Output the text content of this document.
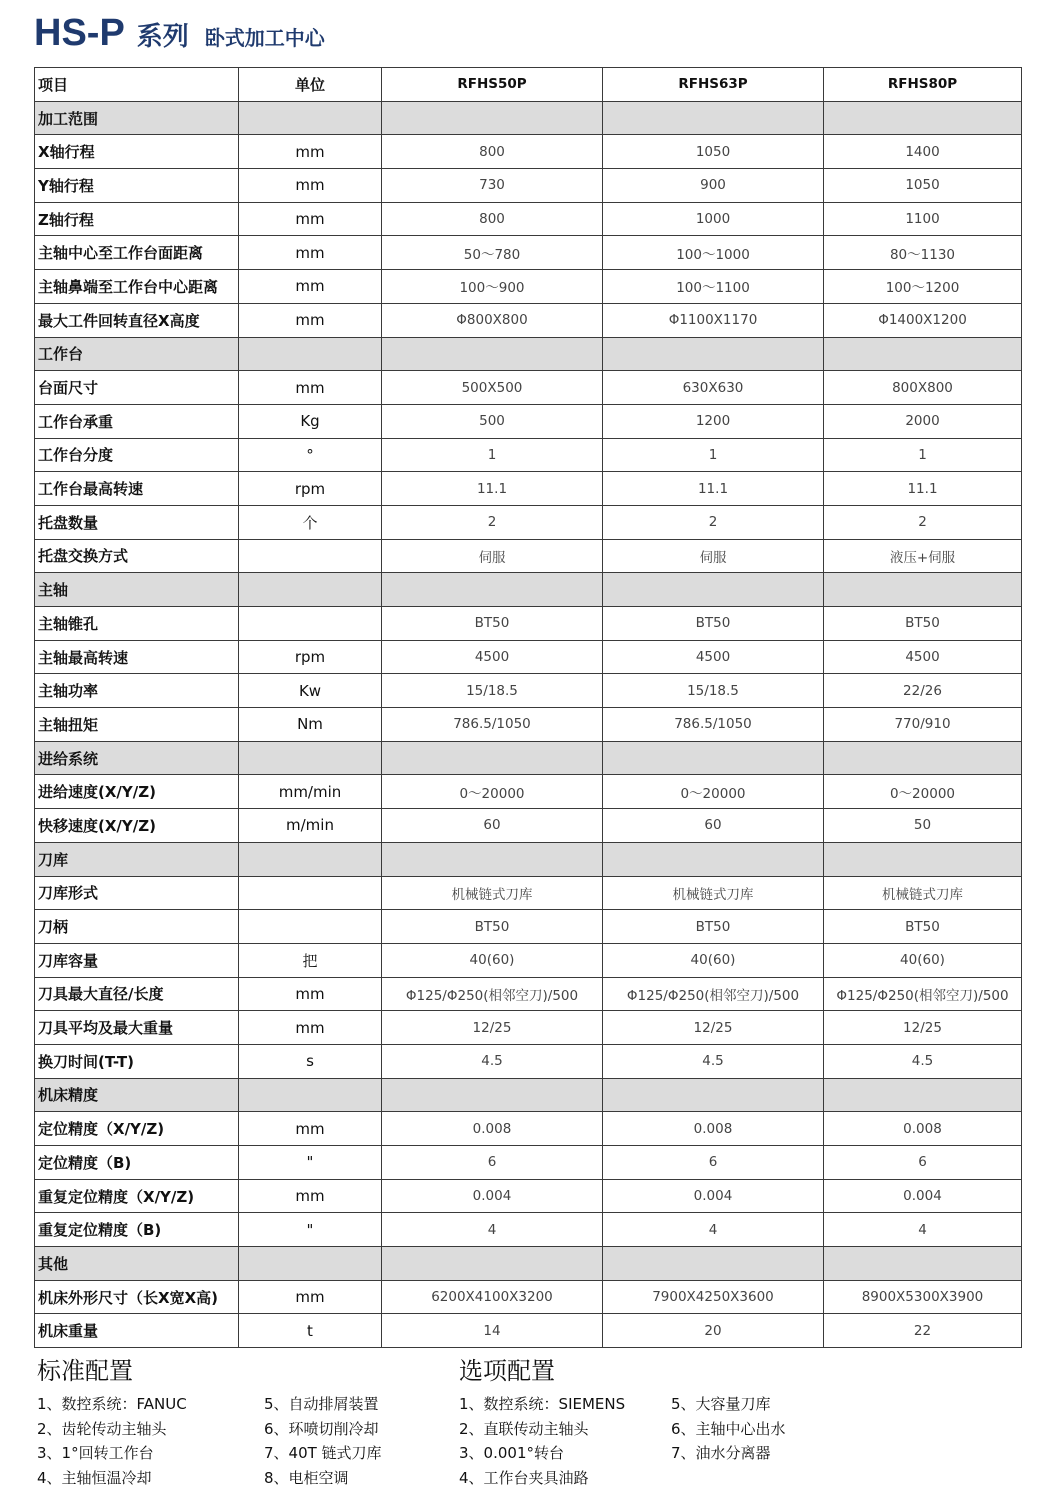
HS-P 系列 卧式加工中心
项目	单位	RFHS50P	RFHS63P	RFHS80P
加工范围				
X轴行程	mm	800	1050	1400
Y轴行程	mm	730	900	1050
Z轴行程	mm	800	1000	1100
主轴中心至工作台面距离	mm	50～780	100～1000	80～1130
主轴鼻端至工作台中心距离	mm	100～900	100～1100	100～1200
最大工件回转直径X高度	mm	Φ800X800	Φ1100X1170	Φ1400X1200
工作台				
台面尺寸	mm	500X500	630X630	800X800
工作台承重	Kg	500	1200	2000
工作台分度	°	1	1	1
工作台最高转速	rpm	11.1	11.1	11.1
托盘数量	个	2	2	2
托盘交换方式		伺服	伺服	液压+伺服
主轴				
主轴锥孔		BT50	BT50	BT50
主轴最高转速	rpm	4500	4500	4500
主轴功率	Kw	15/18.5	15/18.5	22/26
主轴扭矩	Nm	786.5/1050	786.5/1050	770/910
进给系统				
进给速度(X/Y/Z)	mm/min	0～20000	0～20000	0～20000
快移速度(X/Y/Z)	m/min	60	60	50
刀库				
刀库形式		机械链式刀库	机械链式刀库	机械链式刀库
刀柄		BT50	BT50	BT50
刀库容量	把	40(60)	40(60)	40(60)
刀具最大直径/长度	mm	Φ125/Φ250(相邻空刀)/500	Φ125/Φ250(相邻空刀)/500	Φ125/Φ250(相邻空刀)/500
刀具平均及最大重量	mm	12/25	12/25	12/25
换刀时间(T-T)	s	4.5	4.5	4.5
机床精度				
定位精度（X/Y/Z)	mm	0.008	0.008	0.008
定位精度（B)	"	6	6	6
重复定位精度（X/Y/Z)	mm	0.004	0.004	0.004
重复定位精度（B)	"	4	4	4
其他				
机床外形尺寸（长X宽X高)	mm	6200X4100X3200	7900X4250X3600	8900X5300X3900
机床重量	t	14	20	22
标准配置
1、数控系统：FANUC
2、齿轮传动主轴头
3、1°回转工作台
4、主轴恒温冷却
5、自动排屑装置
6、环喷切削冷却
7、40T 链式刀库
8、电柜空调
选项配置
1、数控系统：SIEMENS
2、直联传动主轴头
3、0.001°转台
4、工作台夹具油路
5、大容量刀库
6、主轴中心出水
7、油水分离器
